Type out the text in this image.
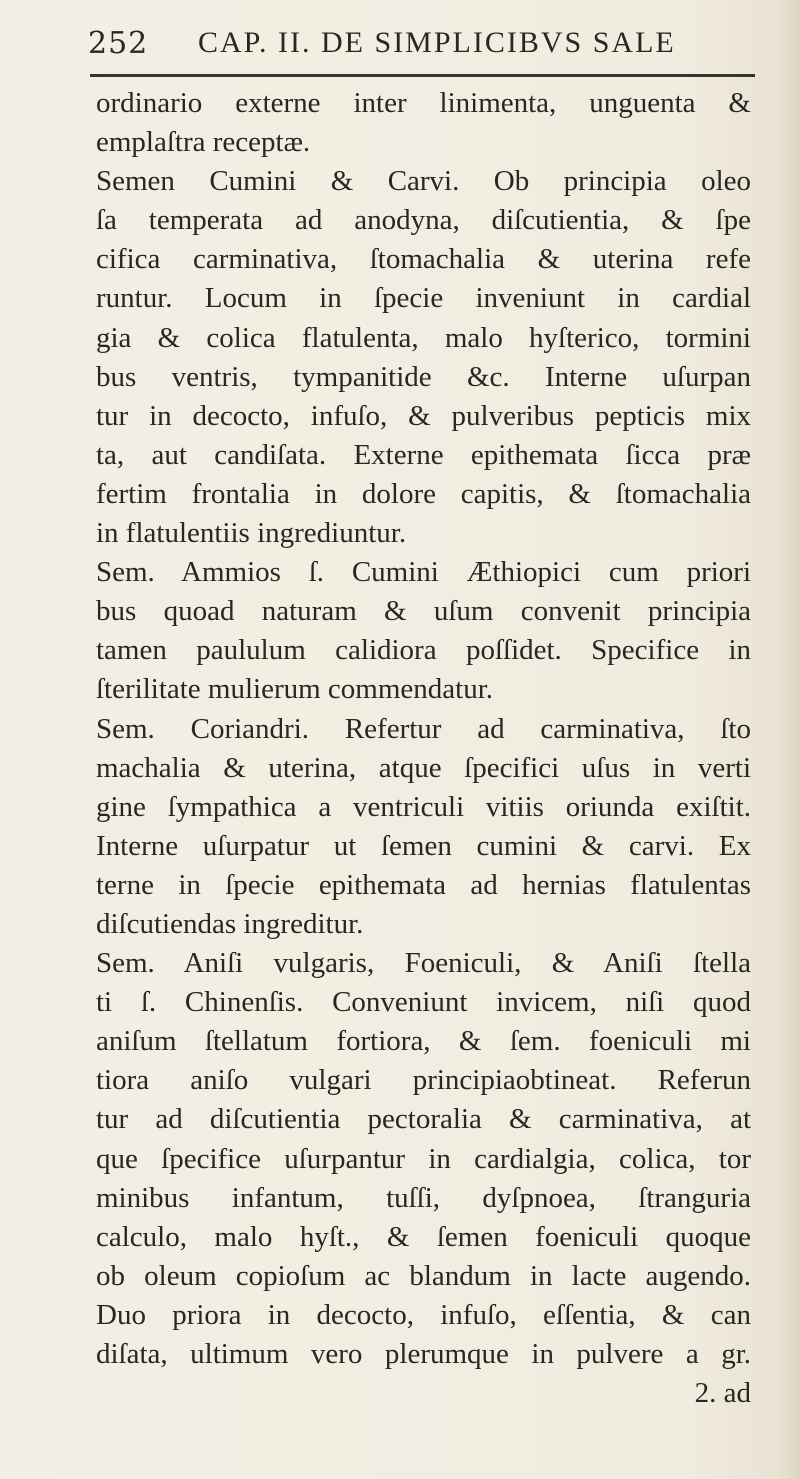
252 CAP. II. DE SIMPLICIBVS SALE
ordinario externe inter linimenta, unguenta &
emplaſtra receptæ.
Semen Cumini & Carvi. Ob principia oleo
ſa temperata ad anodyna, diſcutientia, & ſpe
cifica carminativa, ſtomachalia & uterina refe
runtur. Locum in ſpecie inveniunt in cardial
gia & colica flatulenta, malo hyſterico, tormini
bus ventris, tympanitide &c. Interne uſurpan
tur in decocto, infuſo, & pulveribus pepticis mix
ta, aut candiſata. Externe epithemata ſicca præ
fertim frontalia in dolore capitis, & ſtomachalia
in flatulentiis ingrediuntur.
Sem. Ammios ſ. Cumini Æthiopici cum priori
bus quoad naturam & uſum convenit principia
tamen paululum calidiora poſſidet. Specifice in
ſterilitate mulierum commendatur.
Sem. Coriandri. Refertur ad carminativa, ſto
machalia & uterina, atque ſpecifici uſus in verti
gine ſympathica a ventriculi vitiis oriunda exiſtit.
Interne uſurpatur ut ſemen cumini & carvi. Ex
terne in ſpecie epithemata ad hernias flatulentas
diſcutiendas ingreditur.
Sem. Aniſi vulgaris, Foeniculi, & Aniſi ſtella
ti ſ. Chinenſis. Conveniunt invicem, niſi quod
aniſum ſtellatum fortiora, & ſem. foeniculi mi
tiora aniſo vulgari principiaobtineat. Referun
tur ad diſcutientia pectoralia & carminativa, at
que ſpecifice uſurpantur in cardialgia, colica, tor
minibus infantum, tuſſi, dyſpnoea, ſtranguria
calculo, malo hyſt., & ſemen foeniculi quoque
ob oleum copioſum ac blandum in lacte augendo.
Duo priora in decocto, infuſo, eſſentia, & can
diſata, ultimum vero plerumque in pulvere a gr.
2. ad
